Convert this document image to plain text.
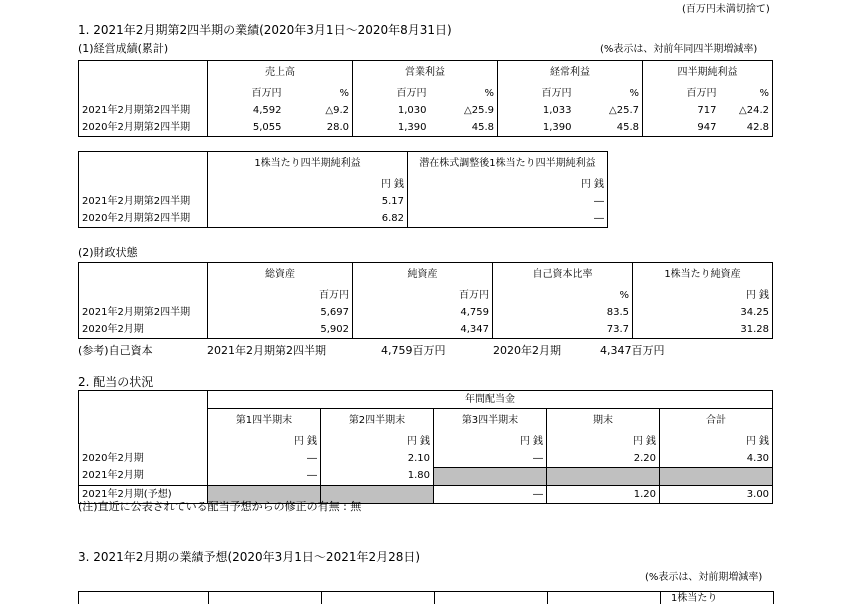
(百万円未満切捨て)
1. 2021年2月期第2四半期の業績(2020年3月1日～2020年8月31日)
(1)経営成績(累計)	(%表示は、対前年同四半期増減率)
	売上高		営業利益		経常利益		四半期純利益	
	百万円	%	百万円	%	百万円	%	百万円	%
2021年2月期第2四半期	4,592	△9.2	1,030	△25.9	1,033	△25.7	717	△24.2
2020年2月期第2四半期	5,055	28.0	1,390	45.8	1,390	45.8	947	42.8
	1株当たり四半期純利益	潜在株式調整後1株当たり四半期純利益
	円 銭	円 銭
2021年2月期第2四半期	5.17	―
2020年2月期第2四半期	6.82	―
(2)財政状態
	総資産	純資産	自己資本比率	1株当たり純資産
	百万円	百万円	%	円 銭
2021年2月期第2四半期	5,697	4,759	83.5	34.25
2020年2月期	5,902	4,347	73.7	31.28
(参考)自己資本	2021年2月期第2四半期	4,759百万円	2020年2月期	4,347百万円
2. 配当の状況
	年間配当金				
	第1四半期末	第2四半期末	第3四半期末	期末	合計
	円 銭	円 銭	円 銭	円 銭	円 銭
2020年2月期	―	2.10	―	2.20	4.30
2021年2月期	―	1.80			
2021年2月期(予想)			―	1.20	3.00
(注)直近に公表されている配当予想からの修正の有無 : 無
3. 2021年2月期の業績予想(2020年3月1日～2021年2月28日)
(%表示は、対前期増減率)
1株当たり
